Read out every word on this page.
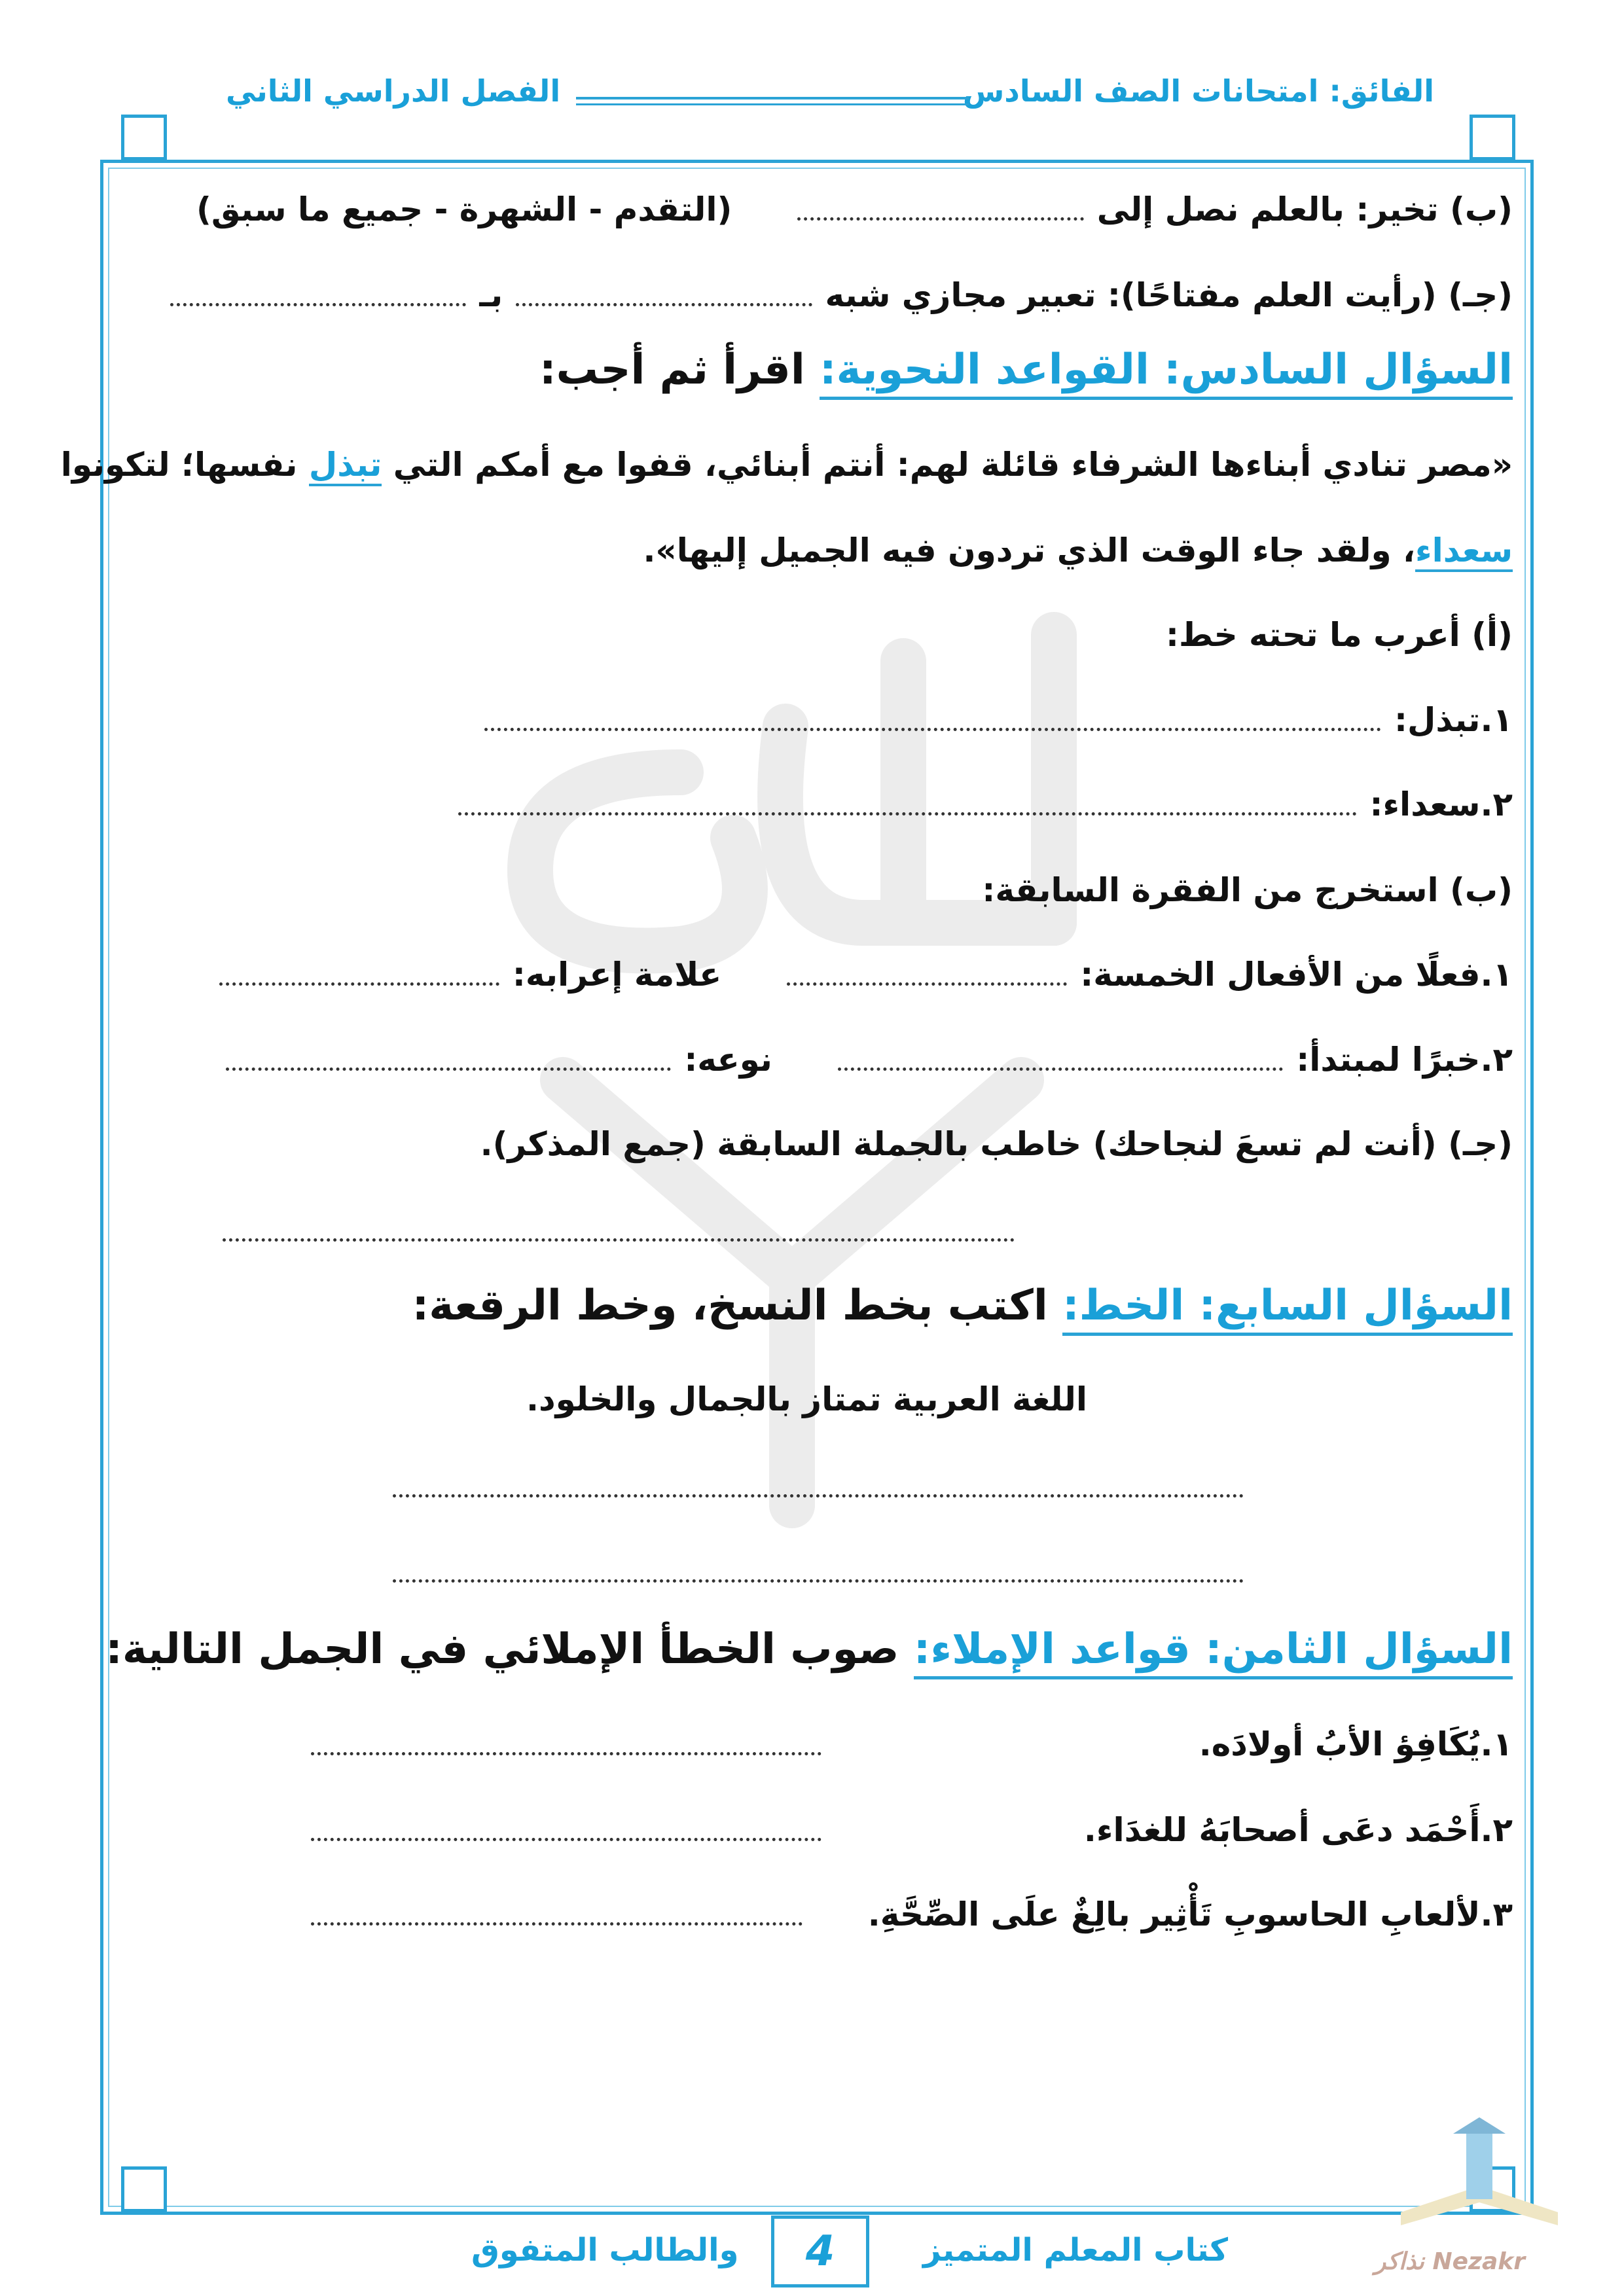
الفائق: امتحانات الصف السادس
الفصل الدراسي الثاني
(ب) تخير: بالعلم نصل إلى
(التقدم - الشهرة - جميع ما سبق)
(جـ) (رأيت العلم مفتاحًا): تعبير مجازي شبه
بـ
السؤال السادس: القواعد النحوية: اقرأ ثم أجب:
«مصر تنادي أبناءها الشرفاء قائلة لهم: أنتم أبنائي، قفوا مع أمكم التي تبذل نفسها؛ لتكونوا
سعداء، ولقد جاء الوقت الذي تردون فيه الجميل إليها».
(أ) أعرب ما تحته خط:
١.تبذل:
٢.سعداء:
(ب) استخرج من الفقرة السابقة:
١.فعلًا من الأفعال الخمسة:
علامة إعرابه:
٢.خبرًا لمبتدأ:
نوعه:
(جـ) (أنت لم تسعَ لنجاحك) خاطب بالجملة السابقة (جمع المذكر).
السؤال السابع: الخط: اكتب بخط النسخ، وخط الرقعة:
اللغة العربية تمتاز بالجمال والخلود.
السؤال الثامن: قواعد الإملاء: صوب الخطأ الإملائي في الجمل التالية:
١.يُكَافِؤ الأبُ أولادَه.
٢.أَحْمَد دعَى أصحابَهُ للغدَاء.
٣.لألعابِ الحاسوبِ تَأْثِير بالِغٌ علَى الصِّحَّةِ.
كتاب المعلم المتميز
4
والطالب المتفوق	نذاكر Nezakr
